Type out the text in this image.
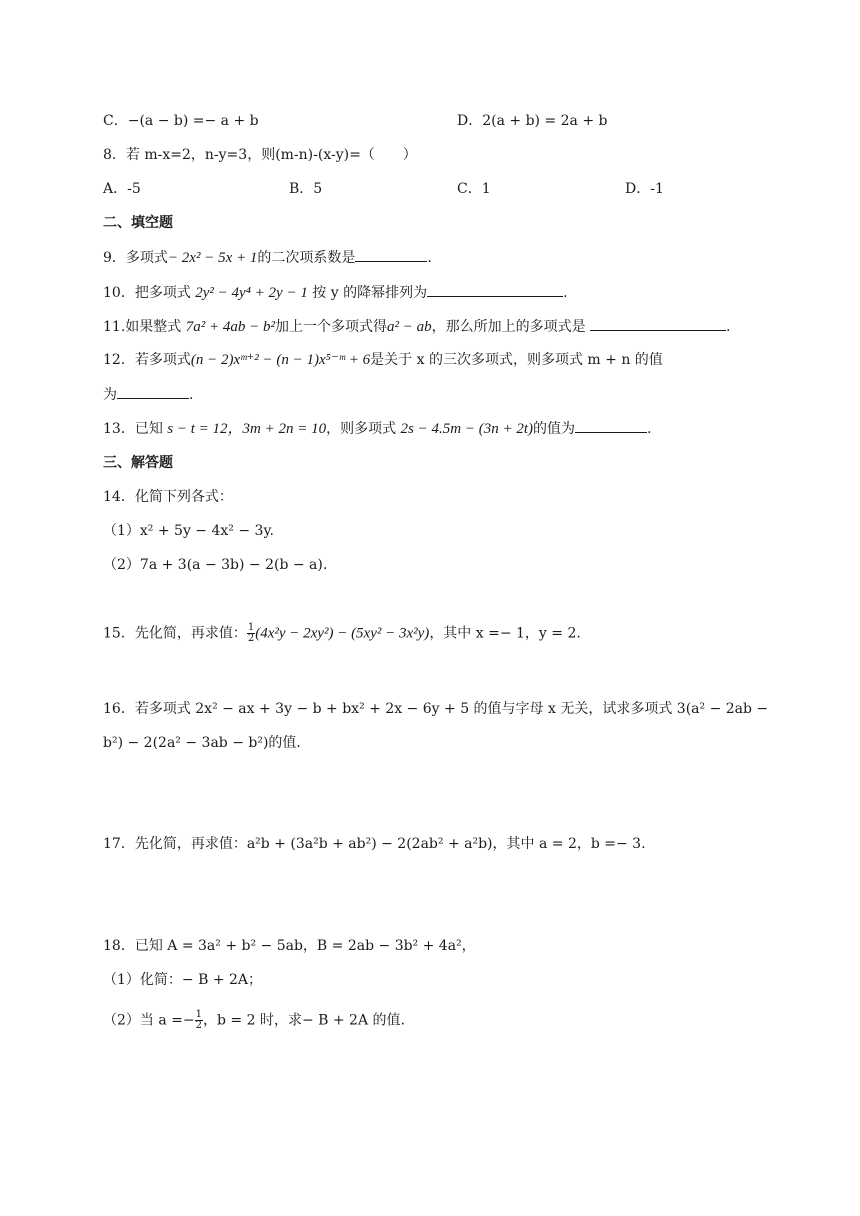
C．−(a − b) =− a + b	D．2(a + b) = 2a + b
8．若 m-x=2，n-y=3，则(m-n)-(x-y)=（　　）
A．-5	B．5	C．1	D．-1
二、填空题
9．多项式− 2x² − 5x + 1的二次项系数是	.
10．把多项式 2y² − 4y⁴ + 2y − 1 按 y 的降幂排列为	.
11.如果整式 7a² + 4ab − b²加上一个多项式得a² − ab，那么所加上的多项式是	.
12．若多项式(n − 2)xᵐ⁺² − (n − 1)x⁵⁻ᵐ + 6是关于 x 的三次多项式，则多项式 m + n 的值
为	.
13．已知 s − t = 12，3m + 2n = 10，则多项式 2s − 4.5m − (3n + 2t)的值为	.
三、解答题
14．化简下列各式：
（1）x² + 5y − 4x² − 3y.
（2）7a + 3(a − 3b) − 2(b − a).
15．先化简，再求值： $\frac{1}{2} (4x^2y - 2xy^2) - (5xy^2 - 3x^2y)$，其中 x =− 1，y = 2.
16．若多项式 2x² − ax + 3y − b + bx² + 2x − 6y + 5 的值与字母 x 无关，试求多项式 3(a² − 2ab −
b²) − 2(2a² − 3ab − b²)的值.
17．先化简，再求值：a²b + (3a²b + ab²) − 2(2ab² + a²b)，其中 a = 2，b =− 3.
18．已知 A = 3a² + b² − 5ab，B = 2ab − 3b² + 4a²，
（1）化简：− B + 2A；
（2）当 $a =- \frac{1}{2}$ ，b = 2 时，求− B + 2A 的值.
